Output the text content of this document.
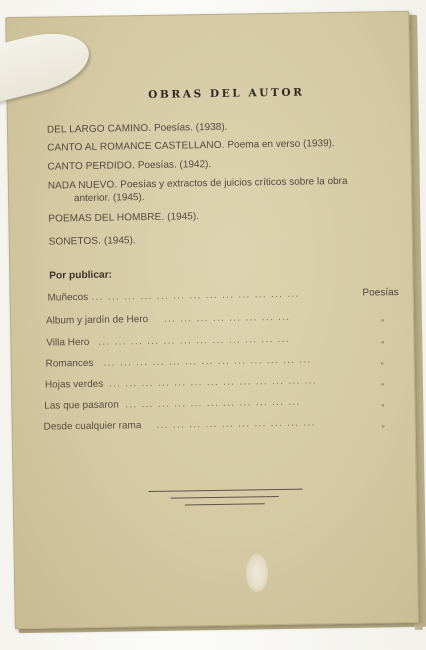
OBRAS DEL AUTOR
DEL LARGO CAMINO. Poesías. (1938).
CANTO AL ROMANCE CASTELLANO. Poema en verso (1939).
CANTO PERDIDO. Poesías. (1942).
NADA NUEVO. Poesías y extractos de juicios críticos sobre la obra
anterior. (1945).
POEMAS DEL HOMBRE. (1945).
SONETOS. (1945).
Por publicar:
Muñecos ... ... ... ... ... ... ... ... ... ... ... ... ...	Poesías
Album y jardín de Hero ... ... ... ... ... ... ... ...	„
Villa Hero ... ... ... ... ... ... ... ... ... ... ... ...	„
Romances ... ... ... ... ... ... ... ... ... ... ... ... ...	„
Hojas verdes ... ... ... ... ... ... ... ... ... ... ... ... ...	„
Las que pasaron ... ... ... ... ... ... ... ... ... ... ...	„
Desde cualquier rama ... ... ... ... ... ... ... ... ... ...	„
